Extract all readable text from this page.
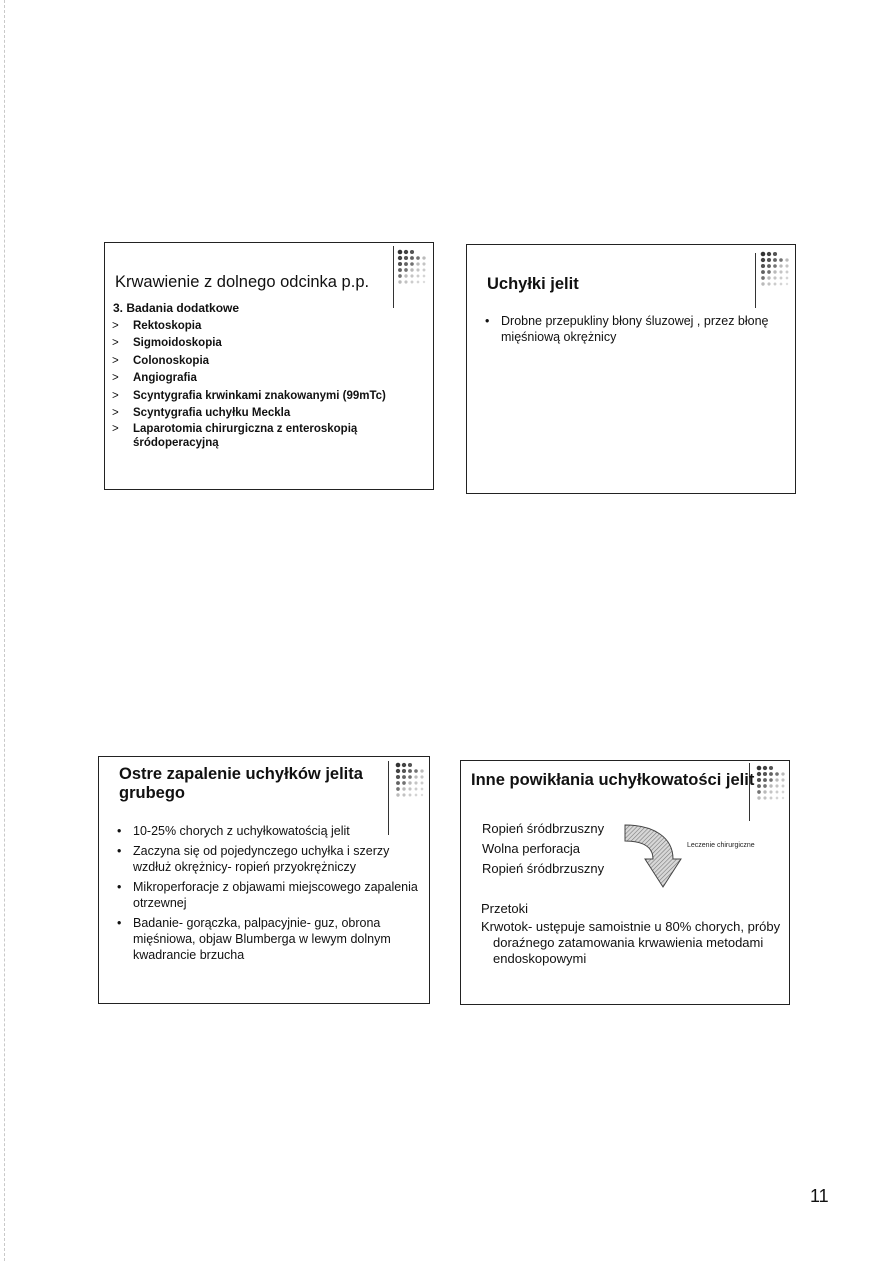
Krwawienie z dolnego odcinka p.p.

3. Badania dodatkowe

> Rektoskopia
> Sigmoidoskopia
> Colonoskopia
> Angiografia
> Scyntygrafia krwinkami znakowanymi (99mTc)
> Scyntygrafia uchyłku Meckla
> Laparotomia chirurgiczna z enteroskopią śródoperacyjną
Uchyłki jelit
• Drobne przepukliny błony śluzowej , przez błonę mięśniową okrężnicy
Ostre zapalenie uchyłków jelita grubego
• 10-25% chorych z uchyłkowatością jelit
• Zaczyna się od pojedynczego uchyłka i szerzy wzdłuż okrężnicy- ropień przyokrężniczy
• Mikroperforacje z objawami miejscowego zapalenia otrzewnej
• Badanie- gorączka, palpacyjnie- guz, obrona mięśniowa, objaw Blumberga w lewym dolnym kwadrancie brzucha
Inne powikłania uchyłkowatości jelit

Ropień śródbrzuszny

Wolna perforacja

Ropień śródbrzuszny

Leczenie chirurgiczne

Przetoki

Krwotok- ustępuje samoistnie u 80% chorych, próby doraźnego zatamowania krwawienia metodami endoskopowymi

11
